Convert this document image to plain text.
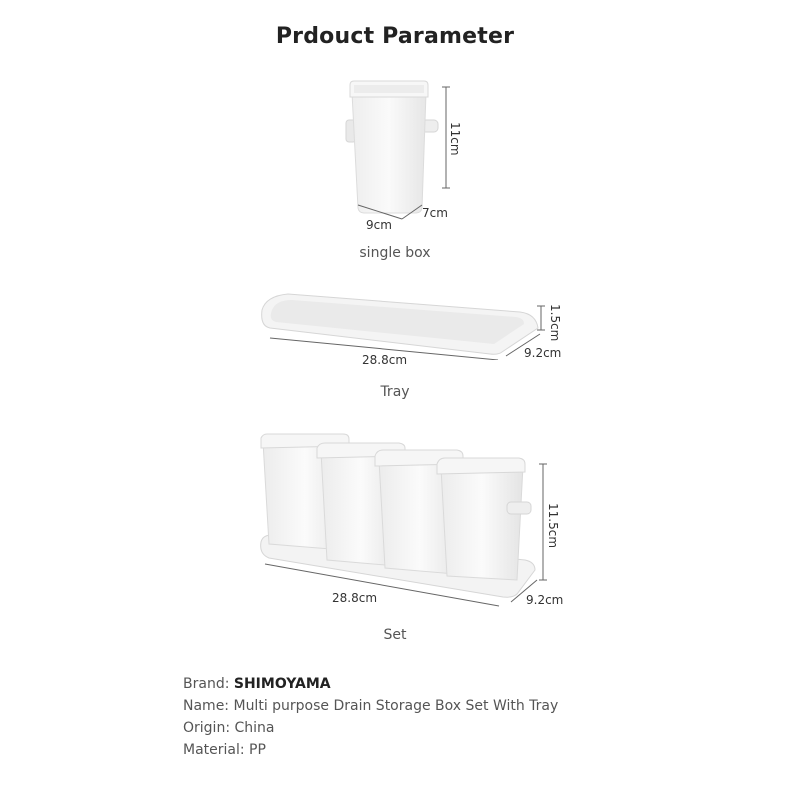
Prdouct Parameter
11cm
9cm
7cm
single box
1.5cm
28.8cm	9.2cm
Tray
11.5cm
28.8cm	9.2cm
Set
Brand: SHIMOYAMA
Name: Multi purpose Drain Storage Box Set With Tray
Origin: China
Material: PP
